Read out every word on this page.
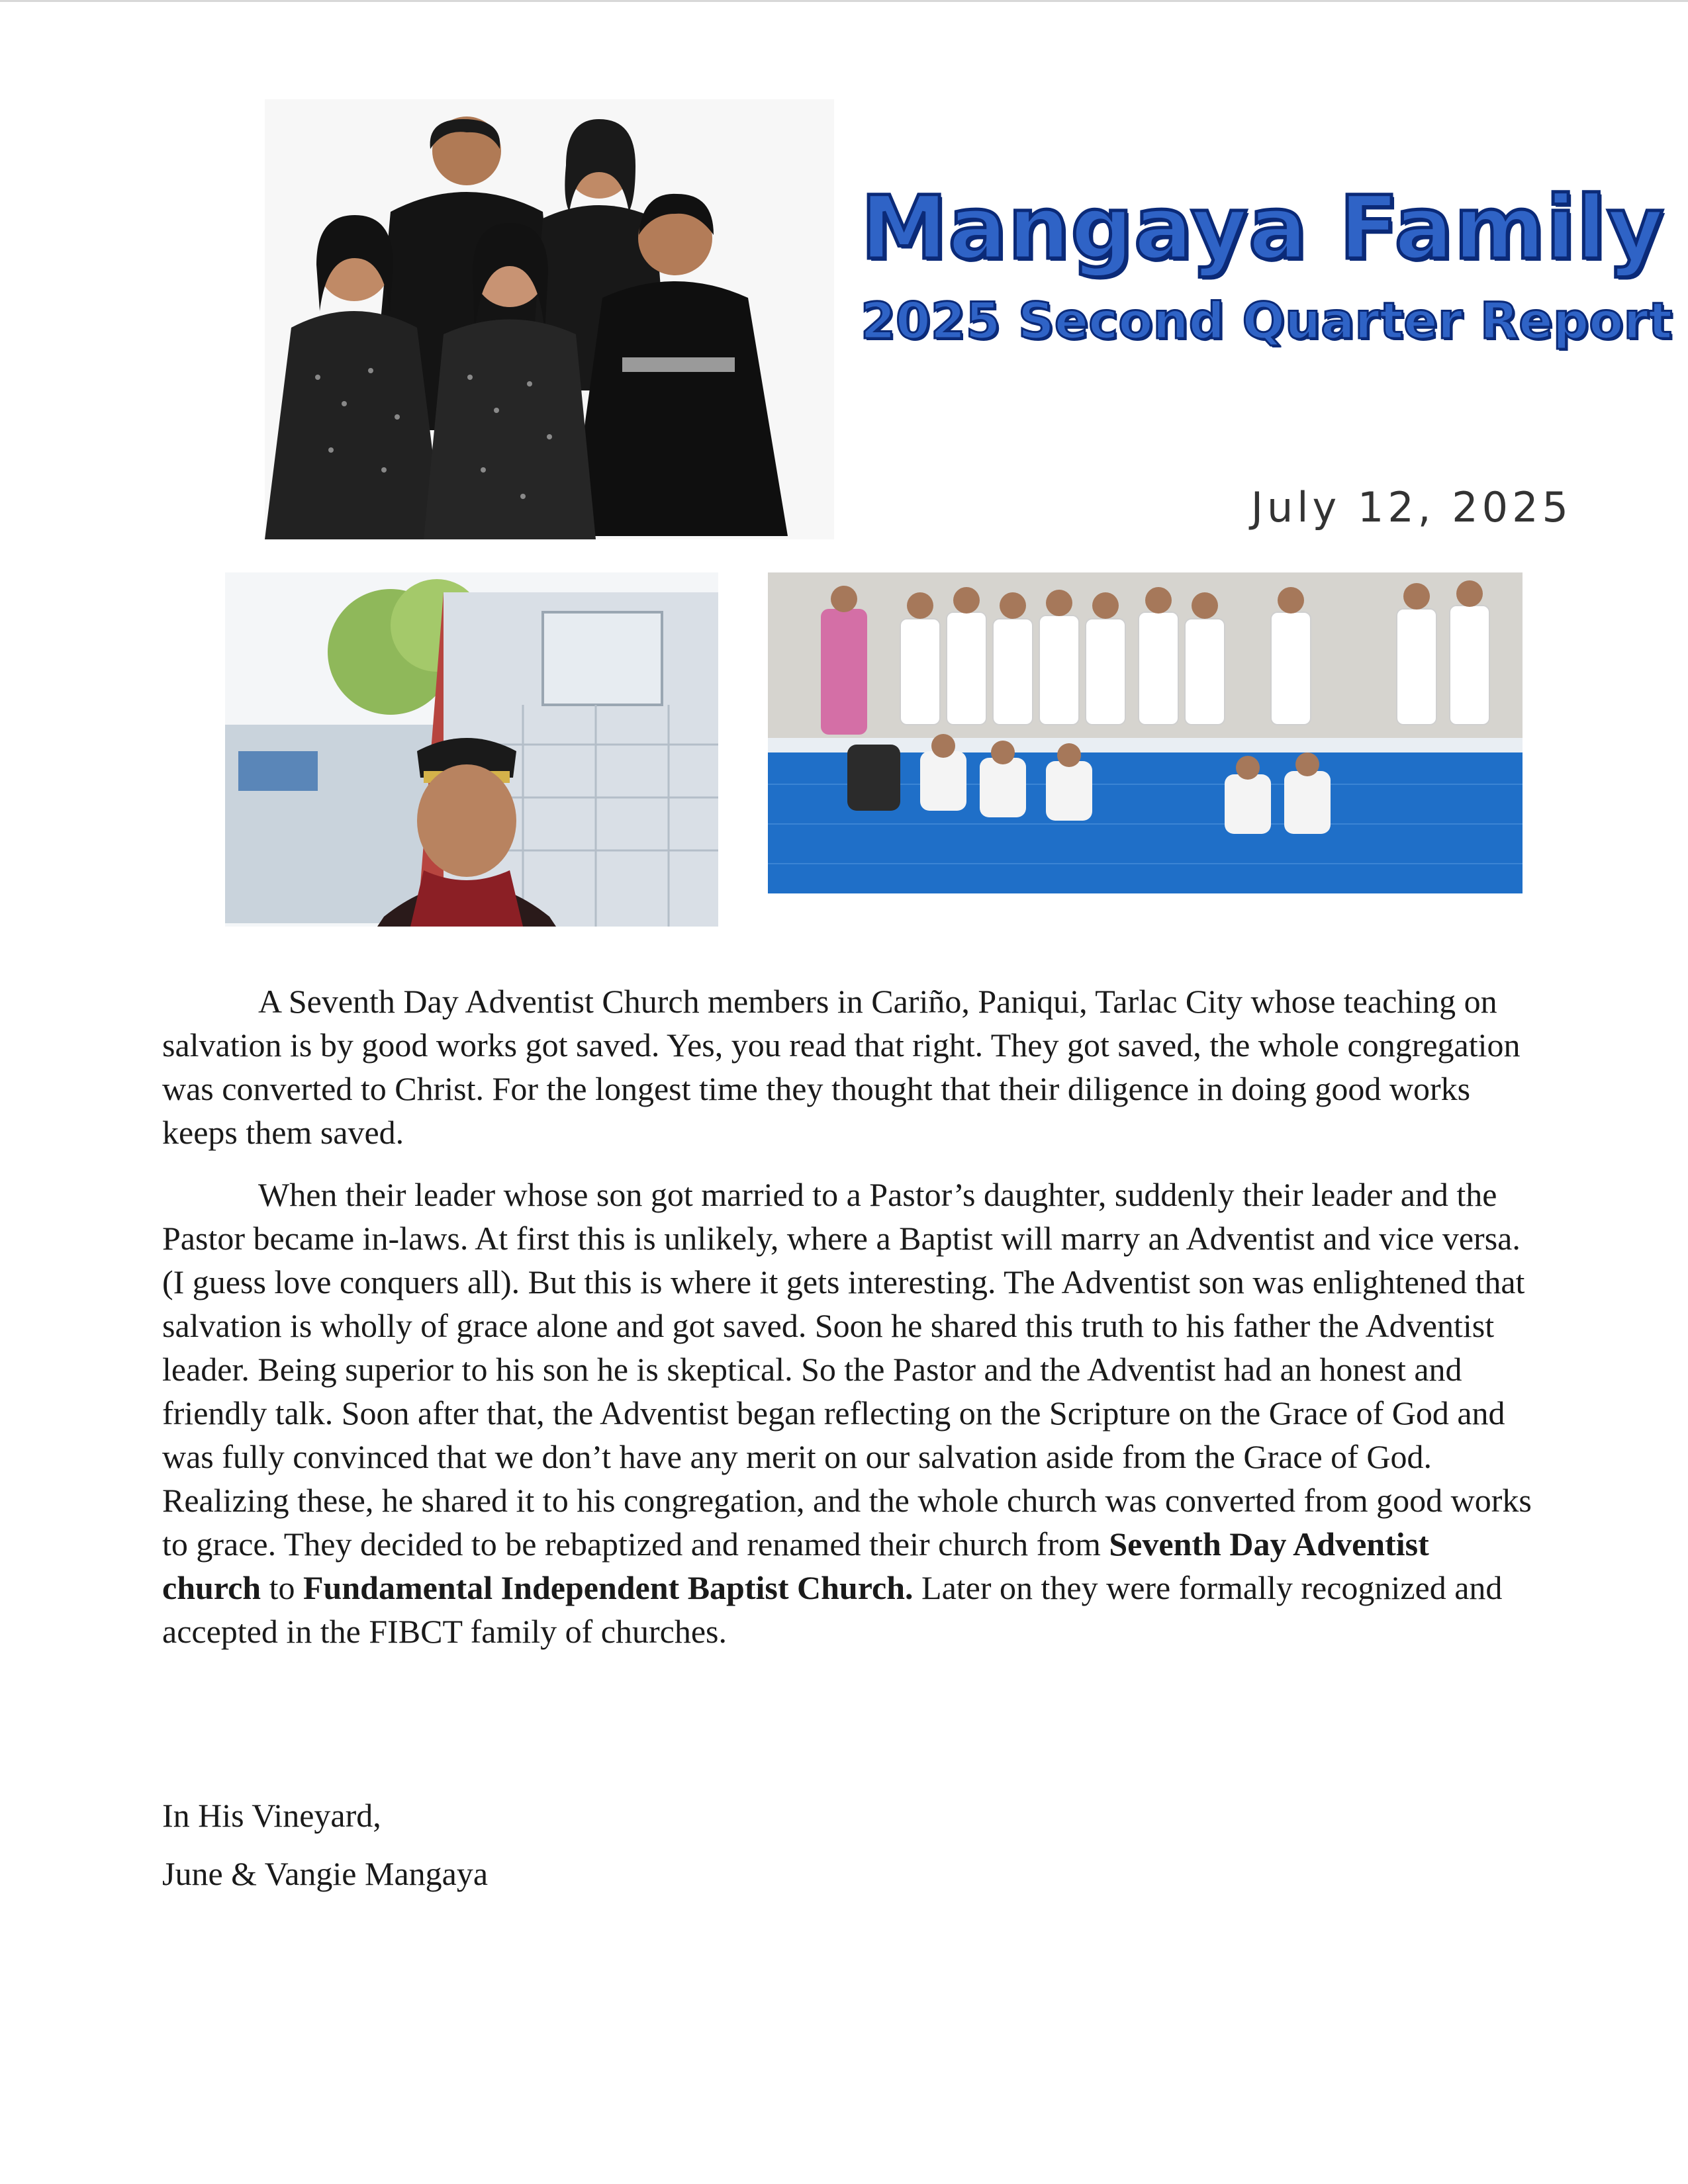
Mangaya Family
2025 Second Quarter Report
July 12, 2025

A Seventh Day Adventist Church members in Cariño, Paniqui, Tarlac City whose teaching on salvation is by good works got saved. Yes, you read that right. They got saved, the whole congregation was converted to Christ. For the longest time they thought that their diligence in doing good works keeps them saved.

When their leader whose son got married to a Pastor’s daughter, suddenly their leader and the Pastor became in-laws. At first this is unlikely, where a Baptist will marry an Adventist and vice versa. (I guess love conquers all). But this is where it gets interesting. The Adventist son was enlightened that salvation is wholly of grace alone and got saved. Soon he shared this truth to his father the Adventist leader. Being superior to his son he is skeptical. So the Pastor and the Adventist had an honest and friendly talk. Soon after that, the Adventist began reflecting on the Scripture on the Grace of God and was fully convinced that we don’t have any merit on our salvation aside from the Grace of God. Realizing these, he shared it to his congregation, and the whole church was converted from good works to grace. They decided to be rebaptized and renamed their church from Seventh Day Adventist church to Fundamental Independent Baptist Church. Later on they were formally recognized and accepted in the FIBCT family of churches.

In His Vineyard,
June & Vangie Mangaya
